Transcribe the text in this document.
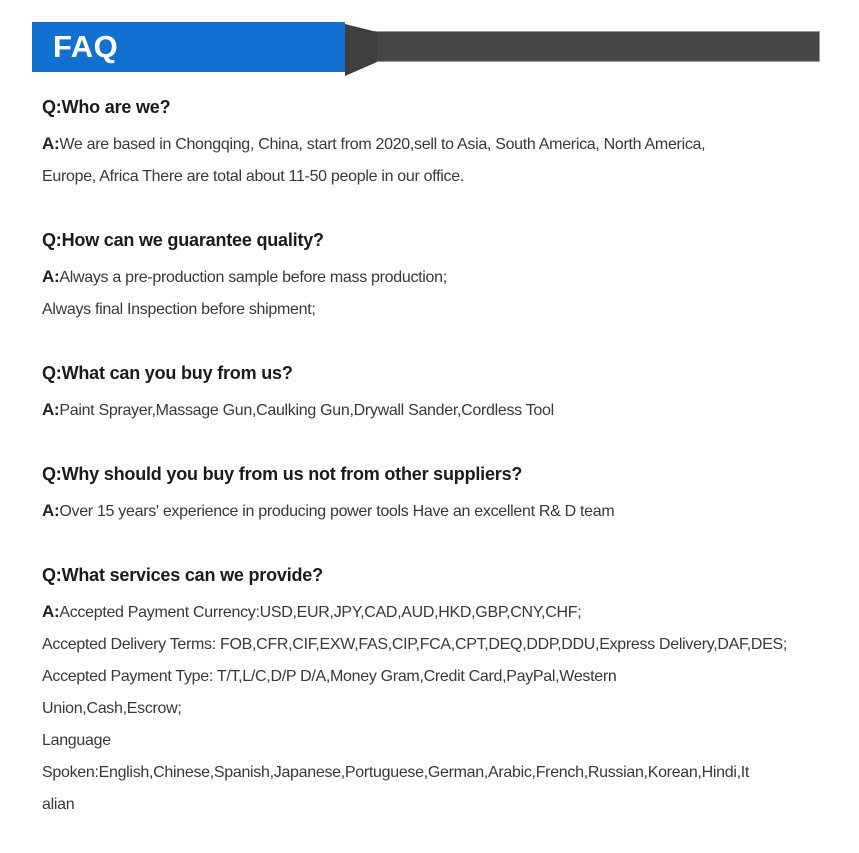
FAQ
Q:Who are we?
A:We are based in Chongqing, China, start from 2020,sell to Asia, South America, North America,
Europe, Africa There are total about 11-50 people in our office.
Q:How can we guarantee quality?
A:Always a pre-production sample before mass production;
Always final Inspection before shipment;
Q:What can you buy from us?
A:Paint Sprayer,Massage Gun,Caulking Gun,Drywall Sander,Cordless Tool
Q:Why should you buy from us not from other suppliers?
A:Over 15 years' experience in producing power tools Have an excellent R& D team
Q:What services can we provide?
A:Accepted Payment Currency:USD,EUR,JPY,CAD,AUD,HKD,GBP,CNY,CHF;
Accepted Delivery Terms: FOB,CFR,CIF,EXW,FAS,CIP,FCA,CPT,DEQ,DDP,DDU,Express Delivery,DAF,DES;
Accepted Payment Type: T/T,L/C,D/P D/A,Money Gram,Credit Card,PayPal,Western
Union,Cash,Escrow;
Language
Spoken:English,Chinese,Spanish,Japanese,Portuguese,German,Arabic,French,Russian,Korean,Hindi,It
alian
